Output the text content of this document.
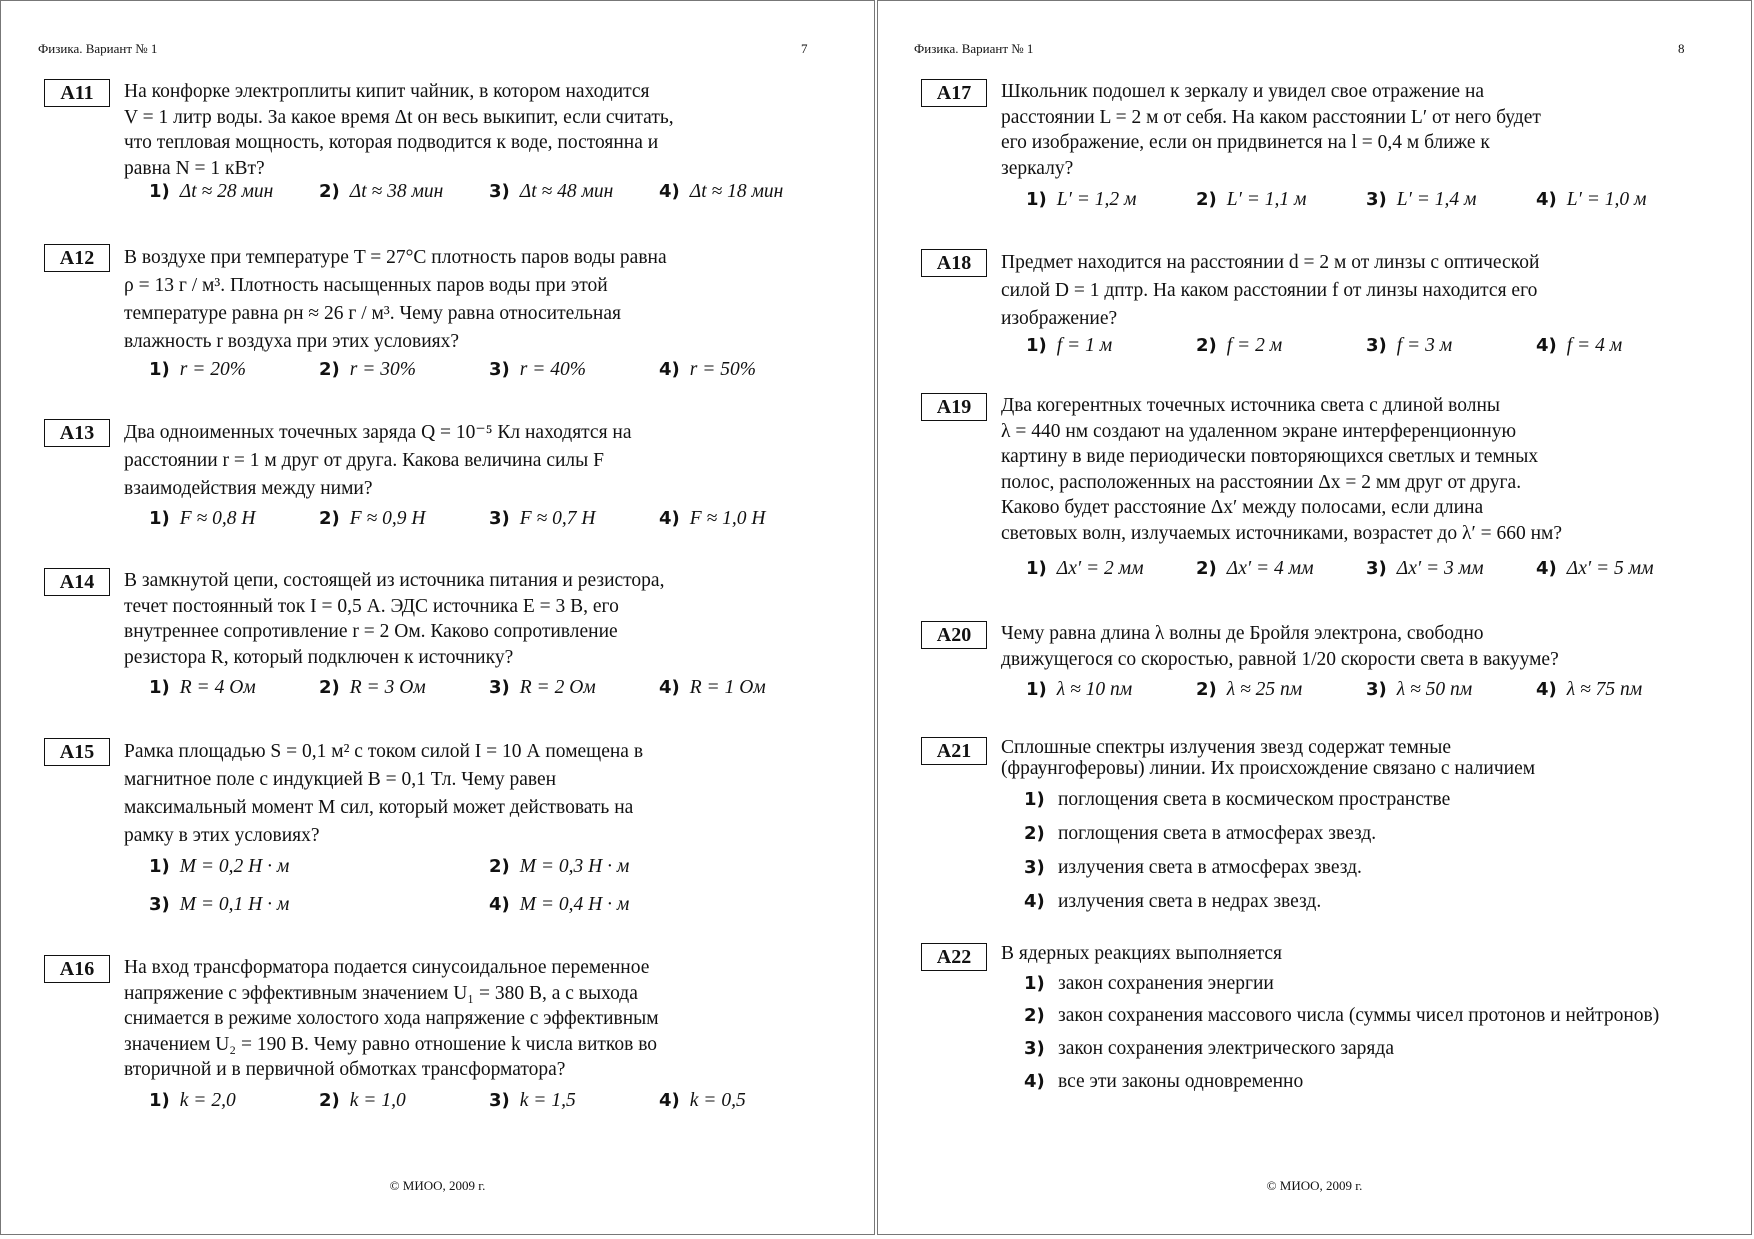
Физика. Вариант № 1	7
A11	На конфорке электроплиты кипит чайник, в котором находится
V = 1 литр воды. За какое время Δt он весь выкипит, если считать,
что тепловая мощность, которая подводится к воде, постоянна и
равна N = 1 кВт?
1) Δt ≈ 28 мин	2) Δt ≈ 38 мин	3) Δt ≈ 48 мин	4) Δt ≈ 18 мин
A12	В воздухе при температуре T = 27°С плотность паров воды равна
ρ = 13 г / м³. Плотность насыщенных паров воды при этой
температуре равна ρн ≈ 26 г / м³. Чему равна относительная
влажность r воздуха при этих условиях?
1) r = 20%	2) r = 30%	3) r = 40%	4) r = 50%
A13	Два одноименных точечных заряда Q = 10⁻⁵ Кл находятся на
расстоянии r = 1 м друг от друга. Какова величина силы F
взаимодействия между ними?
1) F ≈ 0,8 Н	2) F ≈ 0,9 Н	3) F ≈ 0,7 Н	4) F ≈ 1,0 Н
A14	В замкнутой цепи, состоящей из источника питания и резистора,
течет постоянный ток I = 0,5 А. ЭДС источника Ε = 3 В, его
внутреннее сопротивление r = 2 Ом. Каково сопротивление
резистора R, который подключен к источнику?
1) R = 4 Ом	2) R = 3 Ом	3) R = 2 Ом	4) R = 1 Ом
A15	Рамка площадью S = 0,1 м² с током силой I = 10 А помещена в
магнитное поле с индукцией B = 0,1 Тл. Чему равен
максимальный момент M сил, который может действовать на
рамку в этих условиях?
1) M = 0,2 Н · м	2) M = 0,3 Н · м
3) M = 0,1 Н · м	4) M = 0,4 Н · м
A16	На вход трансформатора подается синусоидальное переменное
напряжение с эффективным значением U₁ = 380 В, а с выхода
снимается в режиме холостого хода напряжение с эффективным
значением U₂ = 190 В. Чему равно отношение k числа витков во
вторичной и в первичной обмотках трансформатора?
1) k = 2,0	2) k = 1,0	3) k = 1,5	4) k = 0,5
© МИОО, 2009 г.
Физика. Вариант № 1	8
A17	Школьник подошел к зеркалу и увидел свое отражение на
расстоянии L = 2 м от себя. На каком расстоянии L′ от него будет
его изображение, если он придвинется на l = 0,4 м ближе к
зеркалу?
1) L′ = 1,2 м	2) L′ = 1,1 м	3) L′ = 1,4 м	4) L′ = 1,0 м
A18	Предмет находится на расстоянии d = 2 м от линзы с оптической
силой D = 1 дптр. На каком расстоянии f от линзы находится его
изображение?
1) f = 1 м	2) f = 2 м	3) f = 3 м	4) f = 4 м
A19	Два когерентных точечных источника света с длиной волны
λ = 440 нм создают на удаленном экране интерференционную
картину в виде периодически повторяющихся светлых и темных
полос, расположенных на расстоянии Δx = 2 мм друг от друга.
Каково будет расстояние Δx′ между полосами, если длина
световых волн, излучаемых источниками, возрастет до λ′ = 660 нм?
1) Δx′ = 2 мм	2) Δx′ = 4 мм	3) Δx′ = 3 мм	4) Δx′ = 5 мм
A20	Чему равна длина λ волны де Бройля электрона, свободно
движущегося со скоростью, равной 1/20 скорости света в вакууме?
1) λ ≈ 10 пм	2) λ ≈ 25 пм	3) λ ≈ 50 пм	4) λ ≈ 75 пм
A21	Сплошные спектры излучения звезд содержат темные
(фраунгоферовы) линии. Их происхождение связано с наличием
1) поглощения света в космическом пространстве
2) поглощения света в атмосферах звезд.
3) излучения света в атмосферах звезд.
4) излучения света в недрах звезд.
A22	В ядерных реакциях выполняется
1) закон сохранения энергии
2) закон сохранения массового числа (суммы чисел протонов и нейтронов)
3) закон сохранения электрического заряда
4) все эти законы одновременно
© МИОО, 2009 г.
